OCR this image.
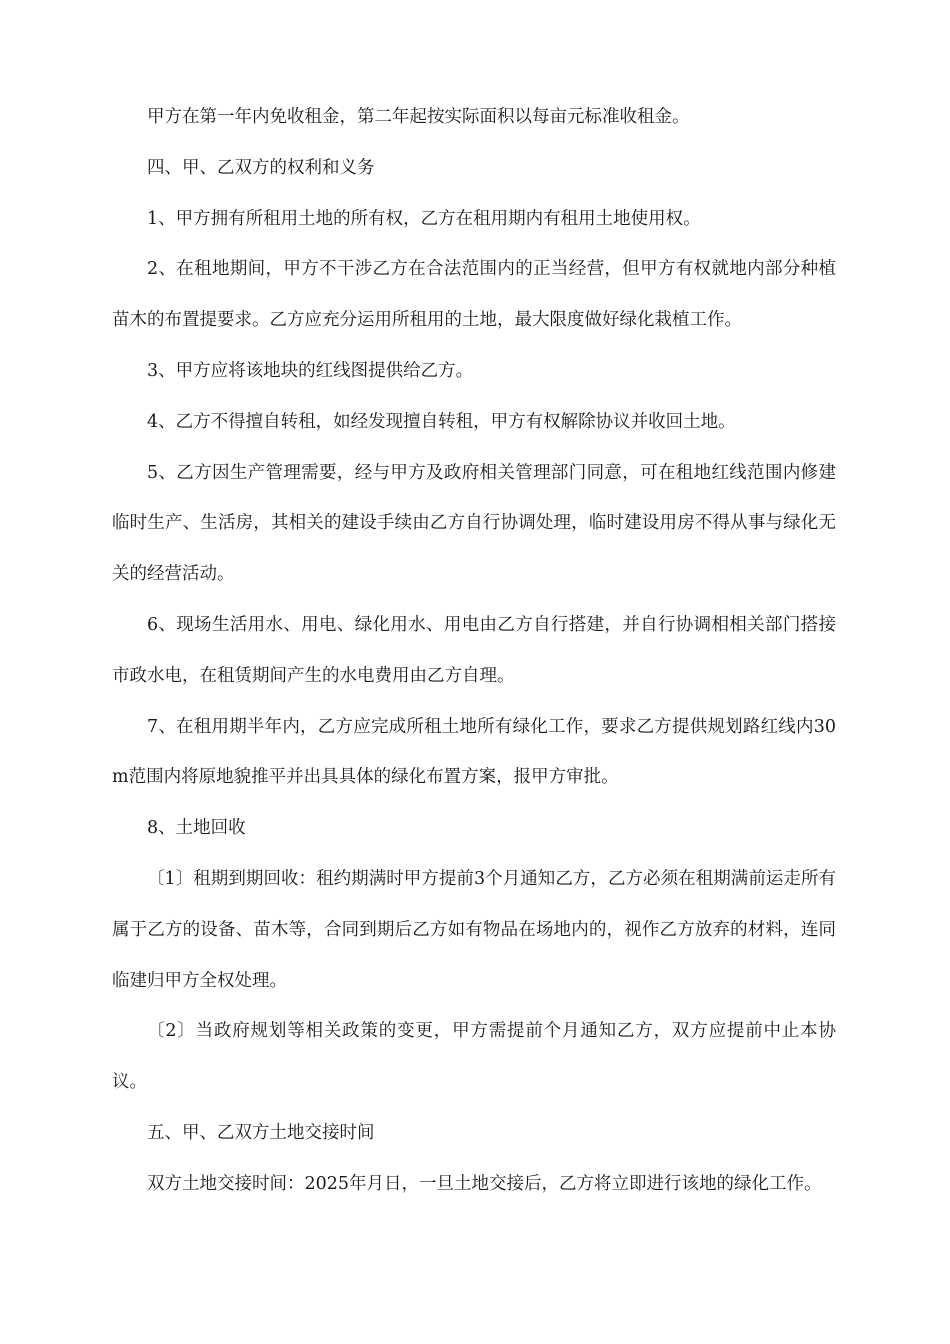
甲方在第一年内免收租金，第二年起按实际面积以每亩元标准收租金。

四、甲、乙双方的权利和义务

1、甲方拥有所租用土地的所有权，乙方在租用期内有租用土地使用权。

2、在租地期间，甲方不干涉乙方在合法范围内的正当经营，但甲方有权就地内部分种植苗木的布置提要求。乙方应充分运用所租用的土地，最大限度做好绿化栽植工作。

3、甲方应将该地块的红线图提供给乙方。

4、乙方不得擅自转租，如经发现擅自转租，甲方有权解除协议并收回土地。

5、乙方因生产管理需要，经与甲方及政府相关管理部门同意，可在租地红线范围内修建临时生产、生活房，其相关的建设手续由乙方自行协调处理，临时建设用房不得从事与绿化无关的经营活动。

6、现场生活用水、用电、绿化用水、用电由乙方自行搭建，并自行协调相相关部门搭接市政水电，在租赁期间产生的水电费用由乙方自理。

7、在租用期半年内，乙方应完成所租土地所有绿化工作，要求乙方提供规划路红线内30m范围内将原地貌推平并出具具体的绿化布置方案，报甲方审批。

8、土地回收

〔1〕租期到期回收：租约期满时甲方提前3个月通知乙方，乙方必须在租期满前运走所有属于乙方的设备、苗木等，合同到期后乙方如有物品在场地内的，视作乙方放弃的材料，连同临建归甲方全权处理。

〔2〕当政府规划等相关政策的变更，甲方需提前个月通知乙方，双方应提前中止本协议。

五、甲、乙双方土地交接时间

双方土地交接时间：2025年月日，一旦土地交接后，乙方将立即进行该地的绿化工作。
